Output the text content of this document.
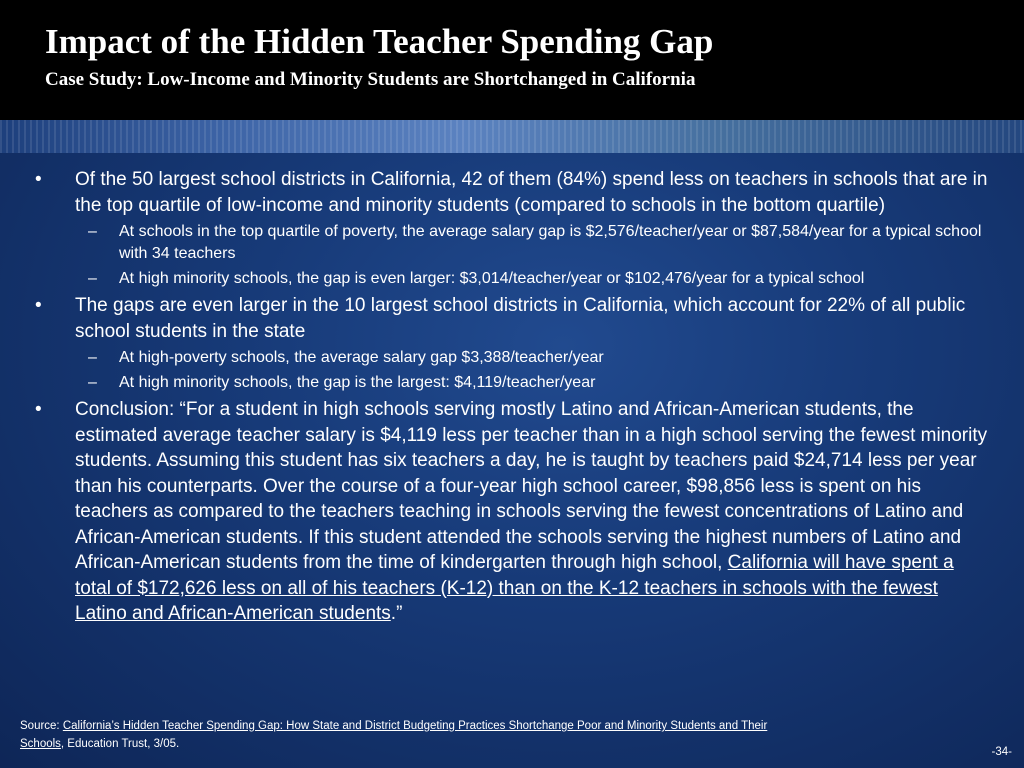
Impact of the Hidden Teacher Spending Gap
Case Study: Low-Income and Minority Students are Shortchanged in California
• Of the 50 largest school districts in California, 42 of them (84%) spend less on teachers in schools that are in the top quartile of low-income and minority students (compared to schools in the bottom quartile)
– At schools in the top quartile of poverty, the average salary gap is $2,576/teacher/year or $87,584/year for a typical school with 34 teachers
– At high minority schools, the gap is even larger: $3,014/teacher/year or $102,476/year for a typical school
• The gaps are even larger in the 10 largest school districts in California, which account for 22% of all public school students in the state
– At high-poverty schools, the average salary gap $3,388/teacher/year
– At high minority schools, the gap is the largest: $4,119/teacher/year
• Conclusion: “For a student in high schools serving mostly Latino and African-American students, the estimated average teacher salary is $4,119 less per teacher than in a high school serving the fewest minority students. Assuming this student has six teachers a day, he is taught by teachers paid $24,714 less per year than his counterparts. Over the course of a four-year high school career, $98,856 less is spent on his teachers as compared to the teachers teaching in schools serving the fewest concentrations of Latino and African-American students. If this student attended the schools serving the highest numbers of Latino and African-American students from the time of kindergarten through high school, California will have spent a total of $172,626 less on all of his teachers (K-12) than on the K-12 teachers in schools with the fewest Latino and African-American students.”
Source: California’s Hidden Teacher Spending Gap: How State and District Budgeting Practices Shortchange Poor and Minority Students and Their Schools, Education Trust, 3/05.
-34-
